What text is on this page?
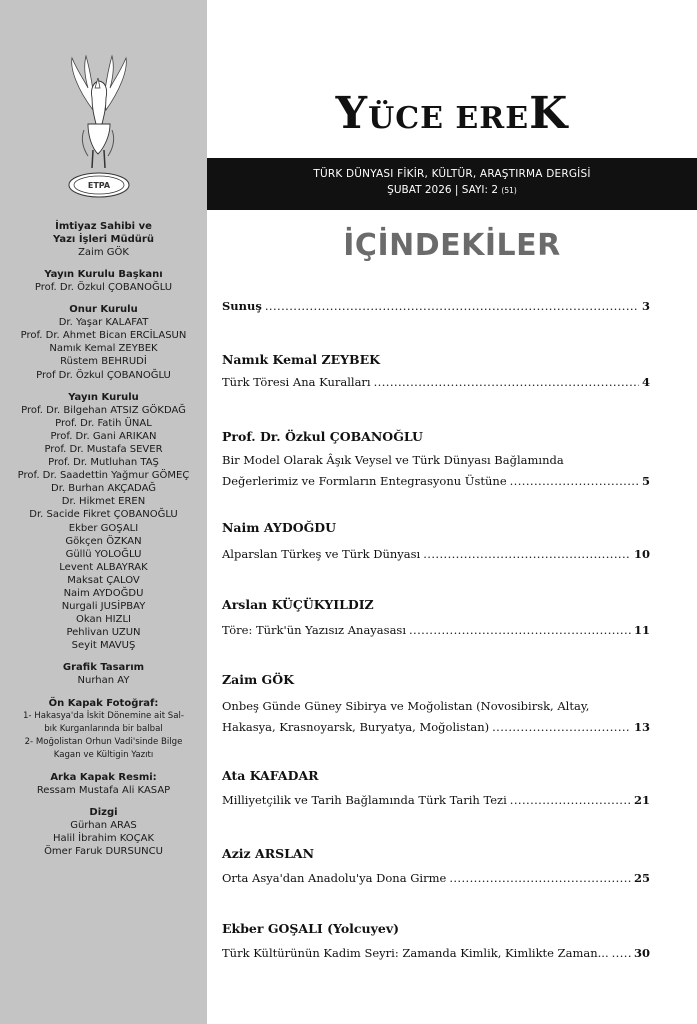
ETPA
İmtiyaz Sahibi ve
Yazı İşleri Müdürü
Zaim GÖK
Yayın Kurulu Başkanı
Prof. Dr. Özkul ÇOBANOĞLU
Onur Kurulu
Dr. Yaşar KALAFAT
Prof. Dr. Ahmet Bican ERCİLASUN
Namık Kemal ZEYBEK
Rüstem BEHRUDİ
Prof Dr. Özkul ÇOBANOĞLU
Yayın Kurulu
Prof. Dr. Bilgehan ATSIZ GÖKDAĞ
Prof. Dr. Fatih ÜNAL
Prof. Dr. Gani ARIKAN
Prof. Dr. Mustafa SEVER
Prof. Dr. Mutluhan TAŞ
Prof. Dr. Saadettin Yağmur GÖMEÇ
Dr. Burhan AKÇADAĞ
Dr. Hikmet EREN
Dr. Sacide Fikret ÇOBANOĞLU
Ekber GOŞALI
Gökçen ÖZKAN
Güllü YOLOĞLU
Levent ALBAYRAK
Maksat ÇALOV
Naim AYDOĞDU
Nurgali JUSİPBAY
Okan HIZLI
Pehlivan UZUN
Seyit MAVUŞ
Grafik Tasarım
Nurhan AY
Ön Kapak Fotoğraf:
1- Hakasya'da İskit Dönemine ait Sal-
bık Kurganlarında bir balbal
2- Moğolistan Orhun Vadi'sinde Bilge
Kagan ve Kültigin Yazıtı
Arka Kapak Resmi:
Ressam Mustafa Ali KASAP
Dizgi
Gürhan ARAS
Halil İbrahim KOÇAK
Ömer Faruk DURSUNCU
YÜCE EREK
TÜRK DÜNYASI FİKİR, KÜLTÜR, ARAŞTIRMA DERGİSİ
ŞUBAT 2026 | SAYI: 2 (51)
İÇİNDEKİLER
Sunuş .....	3
Namık Kemal ZEYBEK
Türk Töresi Ana Kuralları .....	4
Prof. Dr. Özkul ÇOBANOĞLU
Bir Model Olarak Âşık Veysel ve Türk Dünyası Bağlamında
Değerlerimiz ve Formların Entegrasyonu Üstüne .....	5
Naim AYDOĞDU
Alparslan Türkeş ve Türk Dünyası .....	10
Arslan KÜÇÜKYILDIZ
Töre: Türk'ün Yazısız Anayasası .....	11
Zaim GÖK
Onbeş Günde Güney Sibirya ve Moğolistan (Novosibirsk, Altay,
Hakasya, Krasnoyarsk, Buryatya, Moğolistan) .....	13
Ata KAFADAR
Milliyetçilik ve Tarih Bağlamında Türk Tarih Tezi .....	21
Aziz ARSLAN
Orta Asya'dan Anadolu'ya Dona Girme .....	25
Ekber GOŞALI (Yolcuyev)
Türk Kültürünün Kadim Seyri: Zamanda Kimlik, Kimlikte Zaman... ..... 30
